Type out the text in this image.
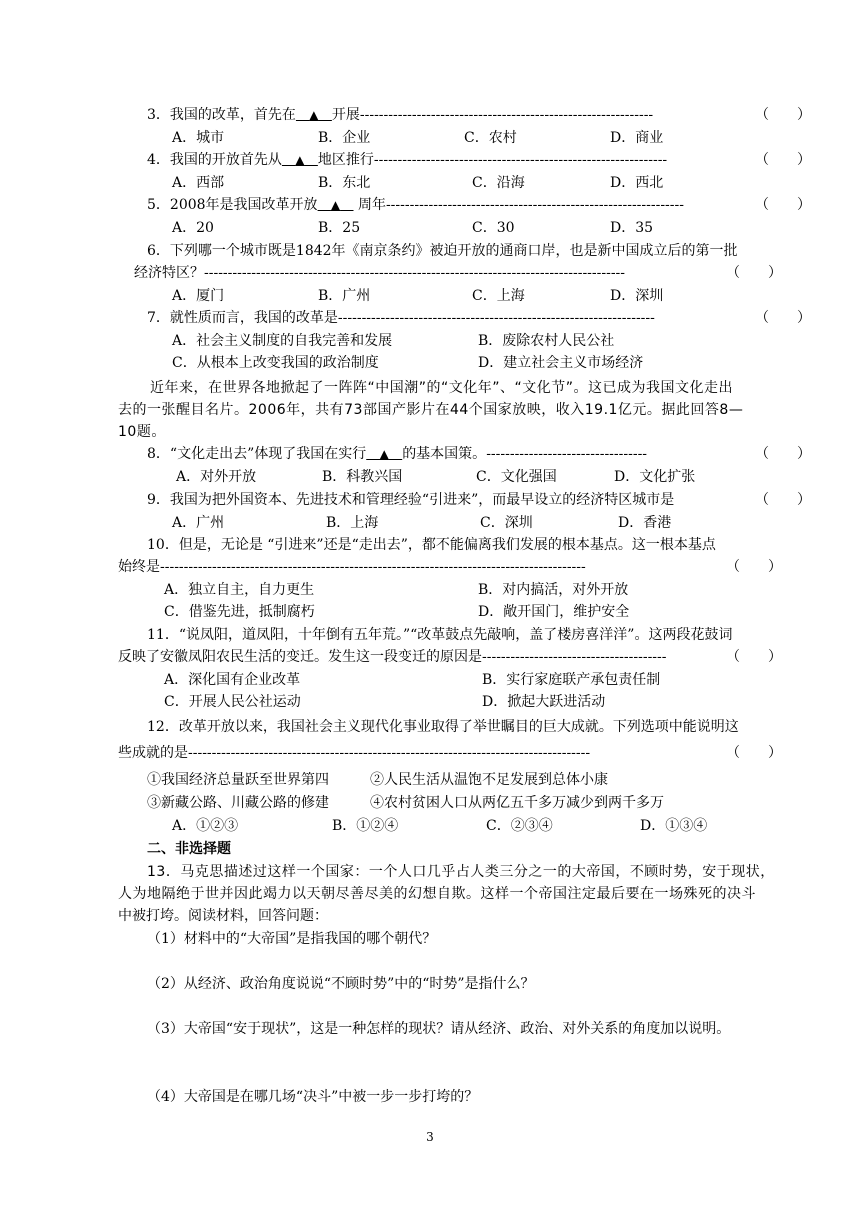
3．我国的改革，首先在 ▲ 开展--------------------------------------------------------------	（　　）
A．城市	B．企业	C．农村	D．商业
4．我国的开放首先从 ▲ 地区推行--------------------------------------------------------------	（　　）
A．西部	B．东北	C．沿海	D．西北
5．2008年是我国改革开放 ▲ 周年---------------------------------------------------------------	（　　）
A．20	B．25	C．30	D．35
6．下列哪一个城市既是1842年《南京条约》被迫开放的通商口岸，也是新中国成立后的第一批
经济特区？-----------------------------------------------------------------------------------------	（　　）
A．厦门	B．广州	C．上海	D．深圳
7．就性质而言，我国的改革是-------------------------------------------------------------------	（　　）
A．社会主义制度的自我完善和发展	B．废除农村人民公社
C．从根本上改变我国的政治制度	D．建立社会主义市场经济
近年来，在世界各地掀起了一阵阵“中国潮”的“文化年”、“文化节”。这已成为我国文化走出
去的一张醒目名片。2006年，共有73部国产影片在44个国家放映，收入19.1亿元。据此回答8—
10题。
8．“文化走出去”体现了我国在实行 ▲ 的基本国策。----------------------------------	（　　）
A．对外开放	B．科教兴国	C．文化强国	D．文化扩张
9．我国为把外国资本、先进技术和管理经验“引进来”，而最早设立的经济特区城市是	（　　）
A．广州	B．上海	C．深圳	D．香港
10．但是，无论是 “引进来”还是“走出去”，都不能偏离我们发展的根本基点。这一根本基点
始终是------------------------------------------------------------------------------------------	（　　）
A．独立自主，自力更生	B．对内搞活，对外开放
C．借鉴先进，抵制腐朽	D．敞开国门，维护安全
11．“说凤阳，道凤阳，十年倒有五年荒。”“改革鼓点先敲响，盖了楼房喜洋洋”。这两段花鼓词
反映了安徽凤阳农民生活的变迁。发生这一段变迁的原因是---------------------------------------	（　　）
A．深化国有企业改革	B．实行家庭联产承包责任制
C．开展人民公社运动	D．掀起大跃进活动
12．改革开放以来，我国社会主义现代化事业取得了举世瞩目的巨大成就。下列选项中能说明这
些成就的是-------------------------------------------------------------------------------------	（　　）
①我国经济总量跃至世界第四	②人民生活从温饱不足发展到总体小康
③新藏公路、川藏公路的修建	④农村贫困人口从两亿五千多万减少到两千多万
A．①②③	B．①②④	C．②③④	D．①③④
二、非选择题
13．马克思描述过这样一个国家：一个人口几乎占人类三分之一的大帝国，不顾时势，安于现状，
人为地隔绝于世并因此竭力以天朝尽善尽美的幻想自欺。这样一个帝国注定最后要在一场殊死的决斗
中被打垮。阅读材料，回答问题：
（1）材料中的“大帝国”是指我国的哪个朝代？
（2）从经济、政治角度说说“不顾时势”中的“时势”是指什么？
（3）大帝国“安于现状”，这是一种怎样的现状？请从经济、政治、对外关系的角度加以说明。
（4）大帝国是在哪几场“决斗”中被一步一步打垮的？
3
